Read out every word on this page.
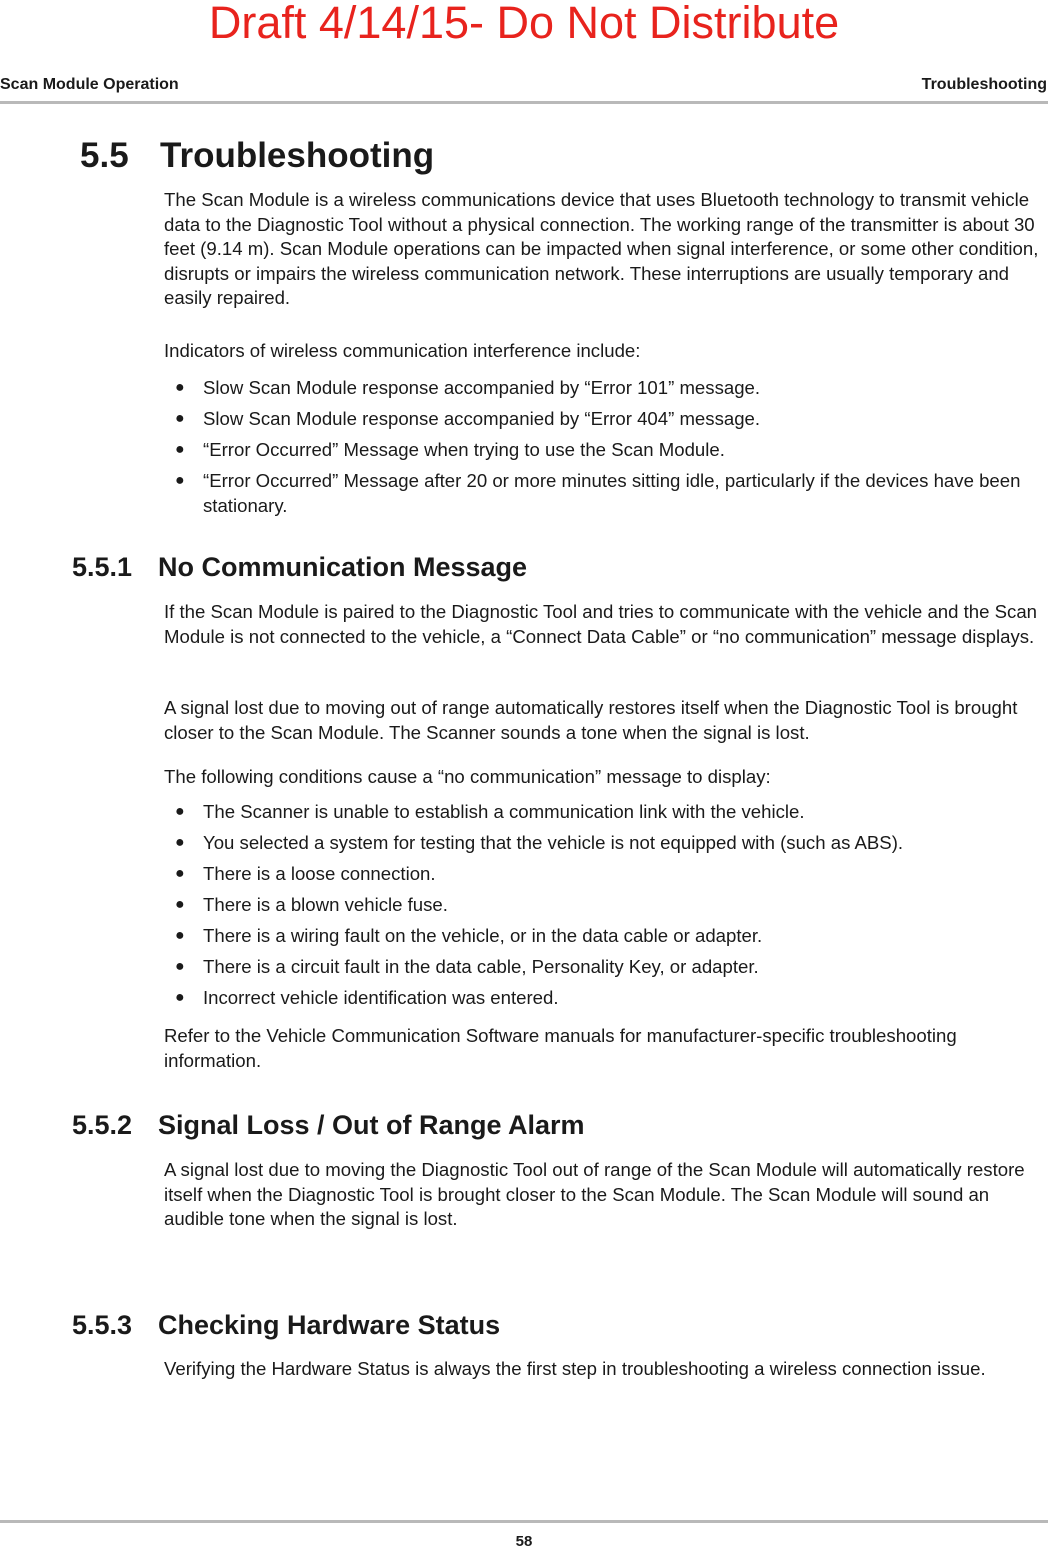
Draft 4/14/15- Do Not Distribute
Scan Module Operation	Troubleshooting
5.5 Troubleshooting

The Scan Module is a wireless communications device that uses Bluetooth technology to transmit vehicle data to the Diagnostic Tool without a physical connection. The working range of the transmitter is about 30 feet (9.14 m). Scan Module operations can be impacted when signal interference, or some other condition, disrupts or impairs the wireless communication network. These interruptions are usually temporary and easily repaired.

Indicators of wireless communication interference include:

● Slow Scan Module response accompanied by “Error 101” message.
● Slow Scan Module response accompanied by “Error 404” message.
● “Error Occurred” Message when trying to use the Scan Module.
● “Error Occurred” Message after 20 or more minutes sitting idle, particularly if the devices have been stationary.
5.5.1 No Communication Message

If the Scan Module is paired to the Diagnostic Tool and tries to communicate with the vehicle and the Scan Module is not connected to the vehicle, a “Connect Data Cable” or “no communication” message displays.

A signal lost due to moving out of range automatically restores itself when the Diagnostic Tool is brought closer to the Scan Module. The Scanner sounds a tone when the signal is lost.

The following conditions cause a “no communication” message to display:

● The Scanner is unable to establish a communication link with the vehicle.
● You selected a system for testing that the vehicle is not equipped with (such as ABS).
● There is a loose connection.
● There is a blown vehicle fuse.
● There is a wiring fault on the vehicle, or in the data cable or adapter.
● There is a circuit fault in the data cable, Personality Key, or adapter.
● Incorrect vehicle identification was entered.

Refer to the Vehicle Communication Software manuals for manufacturer-specific troubleshooting information.

5.5.2 Signal Loss / Out of Range Alarm

A signal lost due to moving the Diagnostic Tool out of range of the Scan Module will automatically restore itself when the Diagnostic Tool is brought closer to the Scan Module. The Scan Module will sound an audible tone when the signal is lost.

5.5.3 Checking Hardware Status

Verifying the Hardware Status is always the first step in troubleshooting a wireless connection issue.

58
